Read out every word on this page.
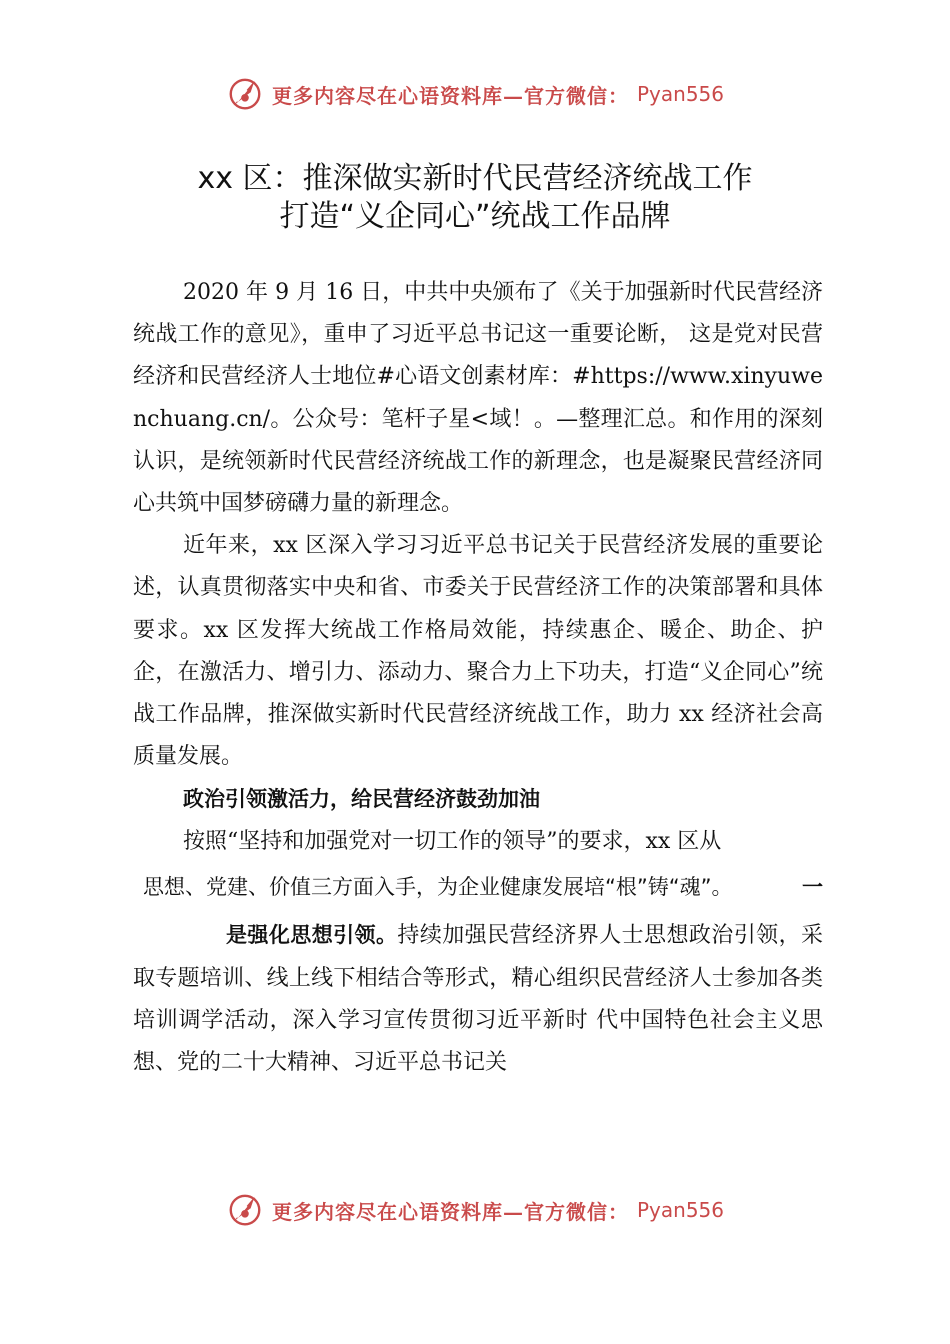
更多内容尽在心语资料库—官方微信： Pyan556
xx 区：推深做实新时代民营经济统战工作
打造“义企同心”统战工作品牌

2020 年 9 月 16 日，中共中央颁布了《关于加强新时代民营经济统战工作的意见》，重申了习近平总书记这一重要论断， 这是党对民营经济和民营经济人士地位#心语文创素材库：#https://www.xinyuwenchuang.cn/。公众号：笔杆子星<域！。—整理汇总。和作用的深刻认识，是统领新时代民营经济统战工作的新理念，也是凝聚民营经济同心共筑中国梦磅礴力量的新理念。

近年来，xx 区深入学习习近平总书记关于民营经济发展的重要论述，认真贯彻落实中央和省、市委关于民营经济工作的决策部署和具体要求。xx 区发挥大统战工作格局效能，持续惠企、暖企、助企、护企，在激活力、增引力、添动力、聚合力上下功夫，打造“义企同心”统战工作品牌，推深做实新时代民营经济统战工作，助力 xx 经济社会高质量发展。

政治引领激活力，给民营经济鼓劲加油

按照“坚持和加强党对一切工作的领导”的要求，xx 区从

思想、党建、价值三方面入手，为企业健康发展培“根”铸“魂”。	一

是强化思想引领。持续加强民营经济界人士思想政治引领，采取专题培训、线上线下相结合等形式，精心组织民营经济人士参加各类培训调学活动，深入学习宣传贯彻习近平新时 代中国特色社会主义思想、党的二十大精神、习近平总书记关

更多内容尽在心语资料库—官方微信： Pyan556
